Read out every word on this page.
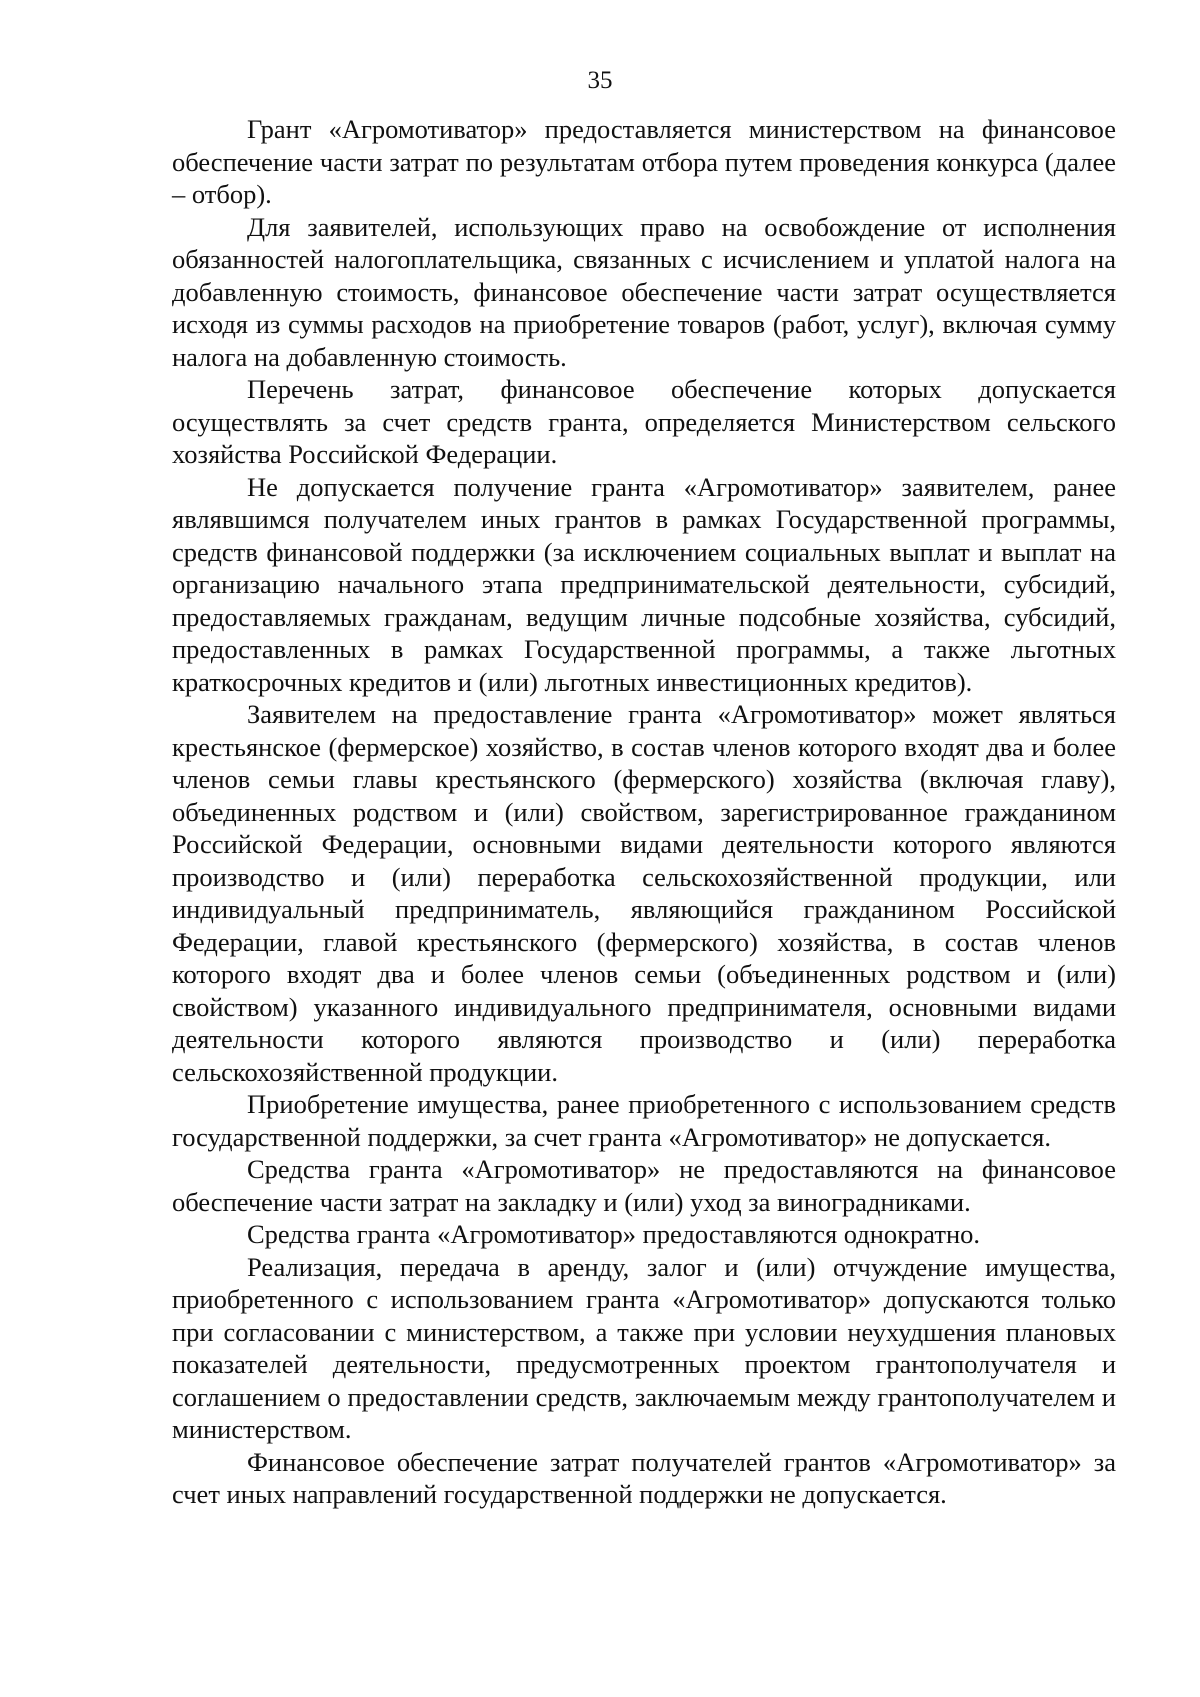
35

Грант «Агромотиватор» предоставляется министерством на финансовое обеспечение части затрат по результатам отбора путем проведения конкурса (далее – отбор).

Для заявителей, использующих право на освобождение от исполнения обязанностей налогоплательщика, связанных с исчислением и уплатой налога на добавленную стоимость, финансовое обеспечение части затрат осуществляется исходя из суммы расходов на приобретение товаров (работ, услуг), включая сумму налога на добавленную стоимость.

Перечень затрат, финансовое обеспечение которых допускается осуществлять за счет средств гранта, определяется Министерством сельского хозяйства Российской Федерации.

Не допускается получение гранта «Агромотиватор» заявителем, ранее являвшимся получателем иных грантов в рамках Государственной программы, средств финансовой поддержки (за исключением социальных выплат и выплат на организацию начального этапа предпринимательской деятельности, субсидий, предоставляемых гражданам, ведущим личные подсобные хозяйства, субсидий, предоставленных в рамках Государственной программы, а также льготных краткосрочных кредитов и (или) льготных инвестиционных кредитов).

Заявителем на предоставление гранта «Агромотиватор» может являться крестьянское (фермерское) хозяйство, в состав членов которого входят два и более членов семьи главы крестьянского (фермерского) хозяйства (включая главу), объединенных родством и (или) свойством, зарегистрированное гражданином Российской Федерации, основными видами деятельности которого являются производство и (или) переработка сельскохозяйственной продукции, или индивидуальный предприниматель, являющийся гражданином Российской Федерации, главой крестьянского (фермерского) хозяйства, в состав членов которого входят два и более членов семьи (объединенных родством и (или) свойством) указанного индивидуального предпринимателя, основными видами деятельности которого являются производство и (или) переработка сельскохозяйственной продукции.

Приобретение имущества, ранее приобретенного с использованием средств государственной поддержки, за счет гранта «Агромотиватор» не допускается.

Средства гранта «Агромотиватор» не предоставляются на финансовое обеспечение части затрат на закладку и (или) уход за виноградниками.

Средства гранта «Агромотиватор» предоставляются однократно.

Реализация, передача в аренду, залог и (или) отчуждение имущества, приобретенного с использованием гранта «Агромотиватор» допускаются только при согласовании с министерством, а также при условии неухудшения плановых показателей деятельности, предусмотренных проектом грантополучателя и соглашением о предоставлении средств, заключаемым между грантополучателем и министерством.

Финансовое обеспечение затрат получателей грантов «Агромотиватор» за счет иных направлений государственной поддержки не допускается.
